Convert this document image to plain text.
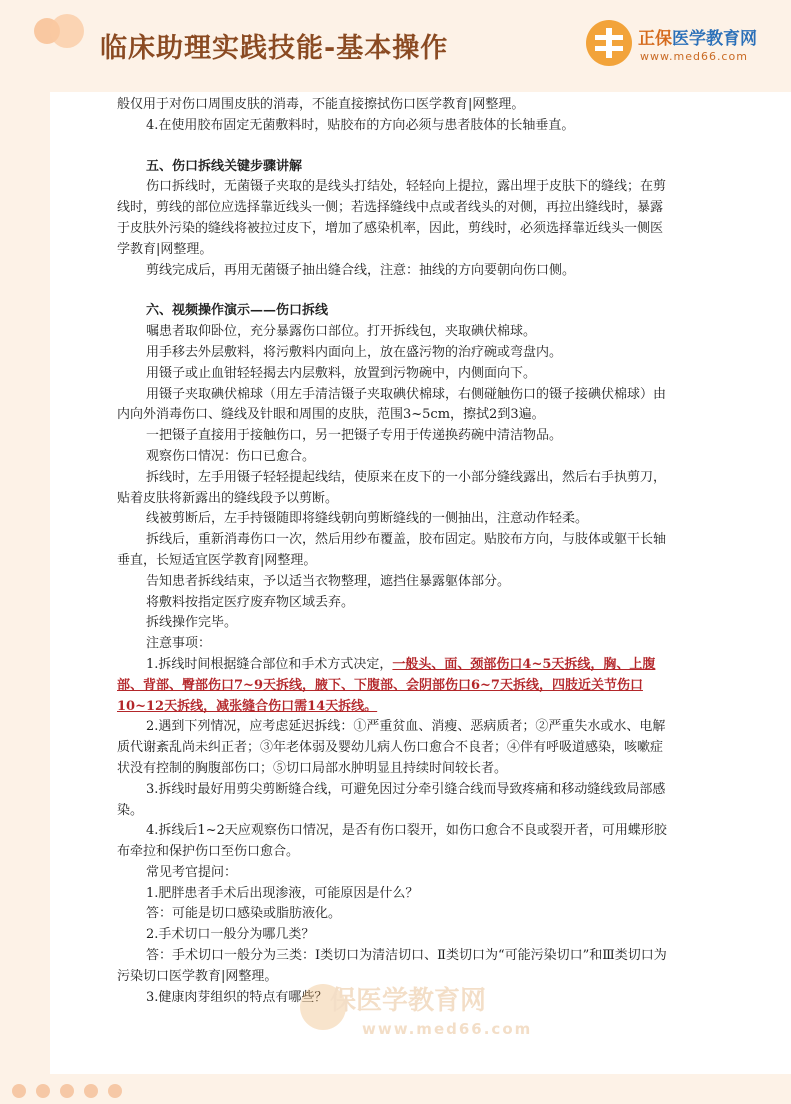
临床助理实践技能-基本操作	正保医学教育网
www.med66.com

般仅用于对伤口周围皮肤的消毒，不能直接擦拭伤口医学教育|网整理。

4.在使用胶布固定无菌敷料时，贴胶布的方向必须与患者肢体的长轴垂直。

五、伤口拆线关键步骤讲解

伤口拆线时，无菌镊子夹取的是线头打结处，轻轻向上提拉，露出埋于皮肤下的缝线；在剪线时，剪线的部位应选择靠近线头一侧；若选择缝线中点或者线头的对侧，再拉出缝线时，暴露于皮肤外污染的缝线将被拉过皮下，增加了感染机率，因此，剪线时，必须选择靠近线头一侧医学教育|网整理。

剪线完成后，再用无菌镊子抽出缝合线，注意：抽线的方向要朝向伤口侧。

六、视频操作演示——伤口拆线

嘱患者取仰卧位，充分暴露伤口部位。打开拆线包，夹取碘伏棉球。

用手移去外层敷料，将污敷料内面向上，放在盛污物的治疗碗或弯盘内。

用镊子或止血钳轻轻揭去内层敷料，放置到污物碗中，内侧面向下。

用镊子夹取碘伏棉球（用左手清洁镊子夹取碘伏棉球，右侧碰触伤口的镊子接碘伏棉球）由内向外消毒伤口、缝线及针眼和周围的皮肤，范围3~5cm，擦拭2到3遍。

一把镊子直接用于接触伤口，另一把镊子专用于传递换药碗中清洁物品。

观察伤口情况：伤口已愈合。

拆线时，左手用镊子轻轻提起线结，使原来在皮下的一小部分缝线露出，然后右手执剪刀，贴着皮肤将新露出的缝线段予以剪断。

线被剪断后，左手持镊随即将缝线朝向剪断缝线的一侧抽出，注意动作轻柔。

拆线后，重新消毒伤口一次，然后用纱布覆盖，胶布固定。贴胶布方向，与肢体或躯干长轴垂直，长短适宜医学教育|网整理。

告知患者拆线结束，予以适当衣物整理，遮挡住暴露躯体部分。

将敷料按指定医疗废弃物区域丢弃。

拆线操作完毕。

注意事项：

1.拆线时间根据缝合部位和手术方式决定，一般头、面、颈部伤口4~5天拆线，胸、上腹部、背部、臀部伤口7~9天拆线，腋下、下腹部、会阴部伤口6~7天拆线，四肢近关节伤口10~12天拆线，减张缝合伤口需14天拆线。

2.遇到下列情况，应考虑延迟拆线：①严重贫血、消瘦、恶病质者；②严重失水或水、电解质代谢紊乱尚未纠正者；③年老体弱及婴幼儿病人伤口愈合不良者；④伴有呼吸道感染，咳嗽症状没有控制的胸腹部伤口；⑤切口局部水肿明显且持续时间较长者。

3.拆线时最好用剪尖剪断缝合线，可避免因过分牵引缝合线而导致疼痛和移动缝线致局部感染。

4.拆线后1~2天应观察伤口情况，是否有伤口裂开，如伤口愈合不良或裂开者，可用蝶形胶布牵拉和保护伤口至伤口愈合。

常见考官提问：

1.肥胖患者手术后出现渗液，可能原因是什么？

答：可能是切口感染或脂肪液化。

2.手术切口一般分为哪几类？

答：手术切口一般分为三类：Ⅰ类切口为清洁切口、Ⅱ类切口为“可能污染切口”和Ⅲ类切口为污染切口医学教育|网整理。

3.健康肉芽组织的特点有哪些？ 保医学教育网
www.med66.com
